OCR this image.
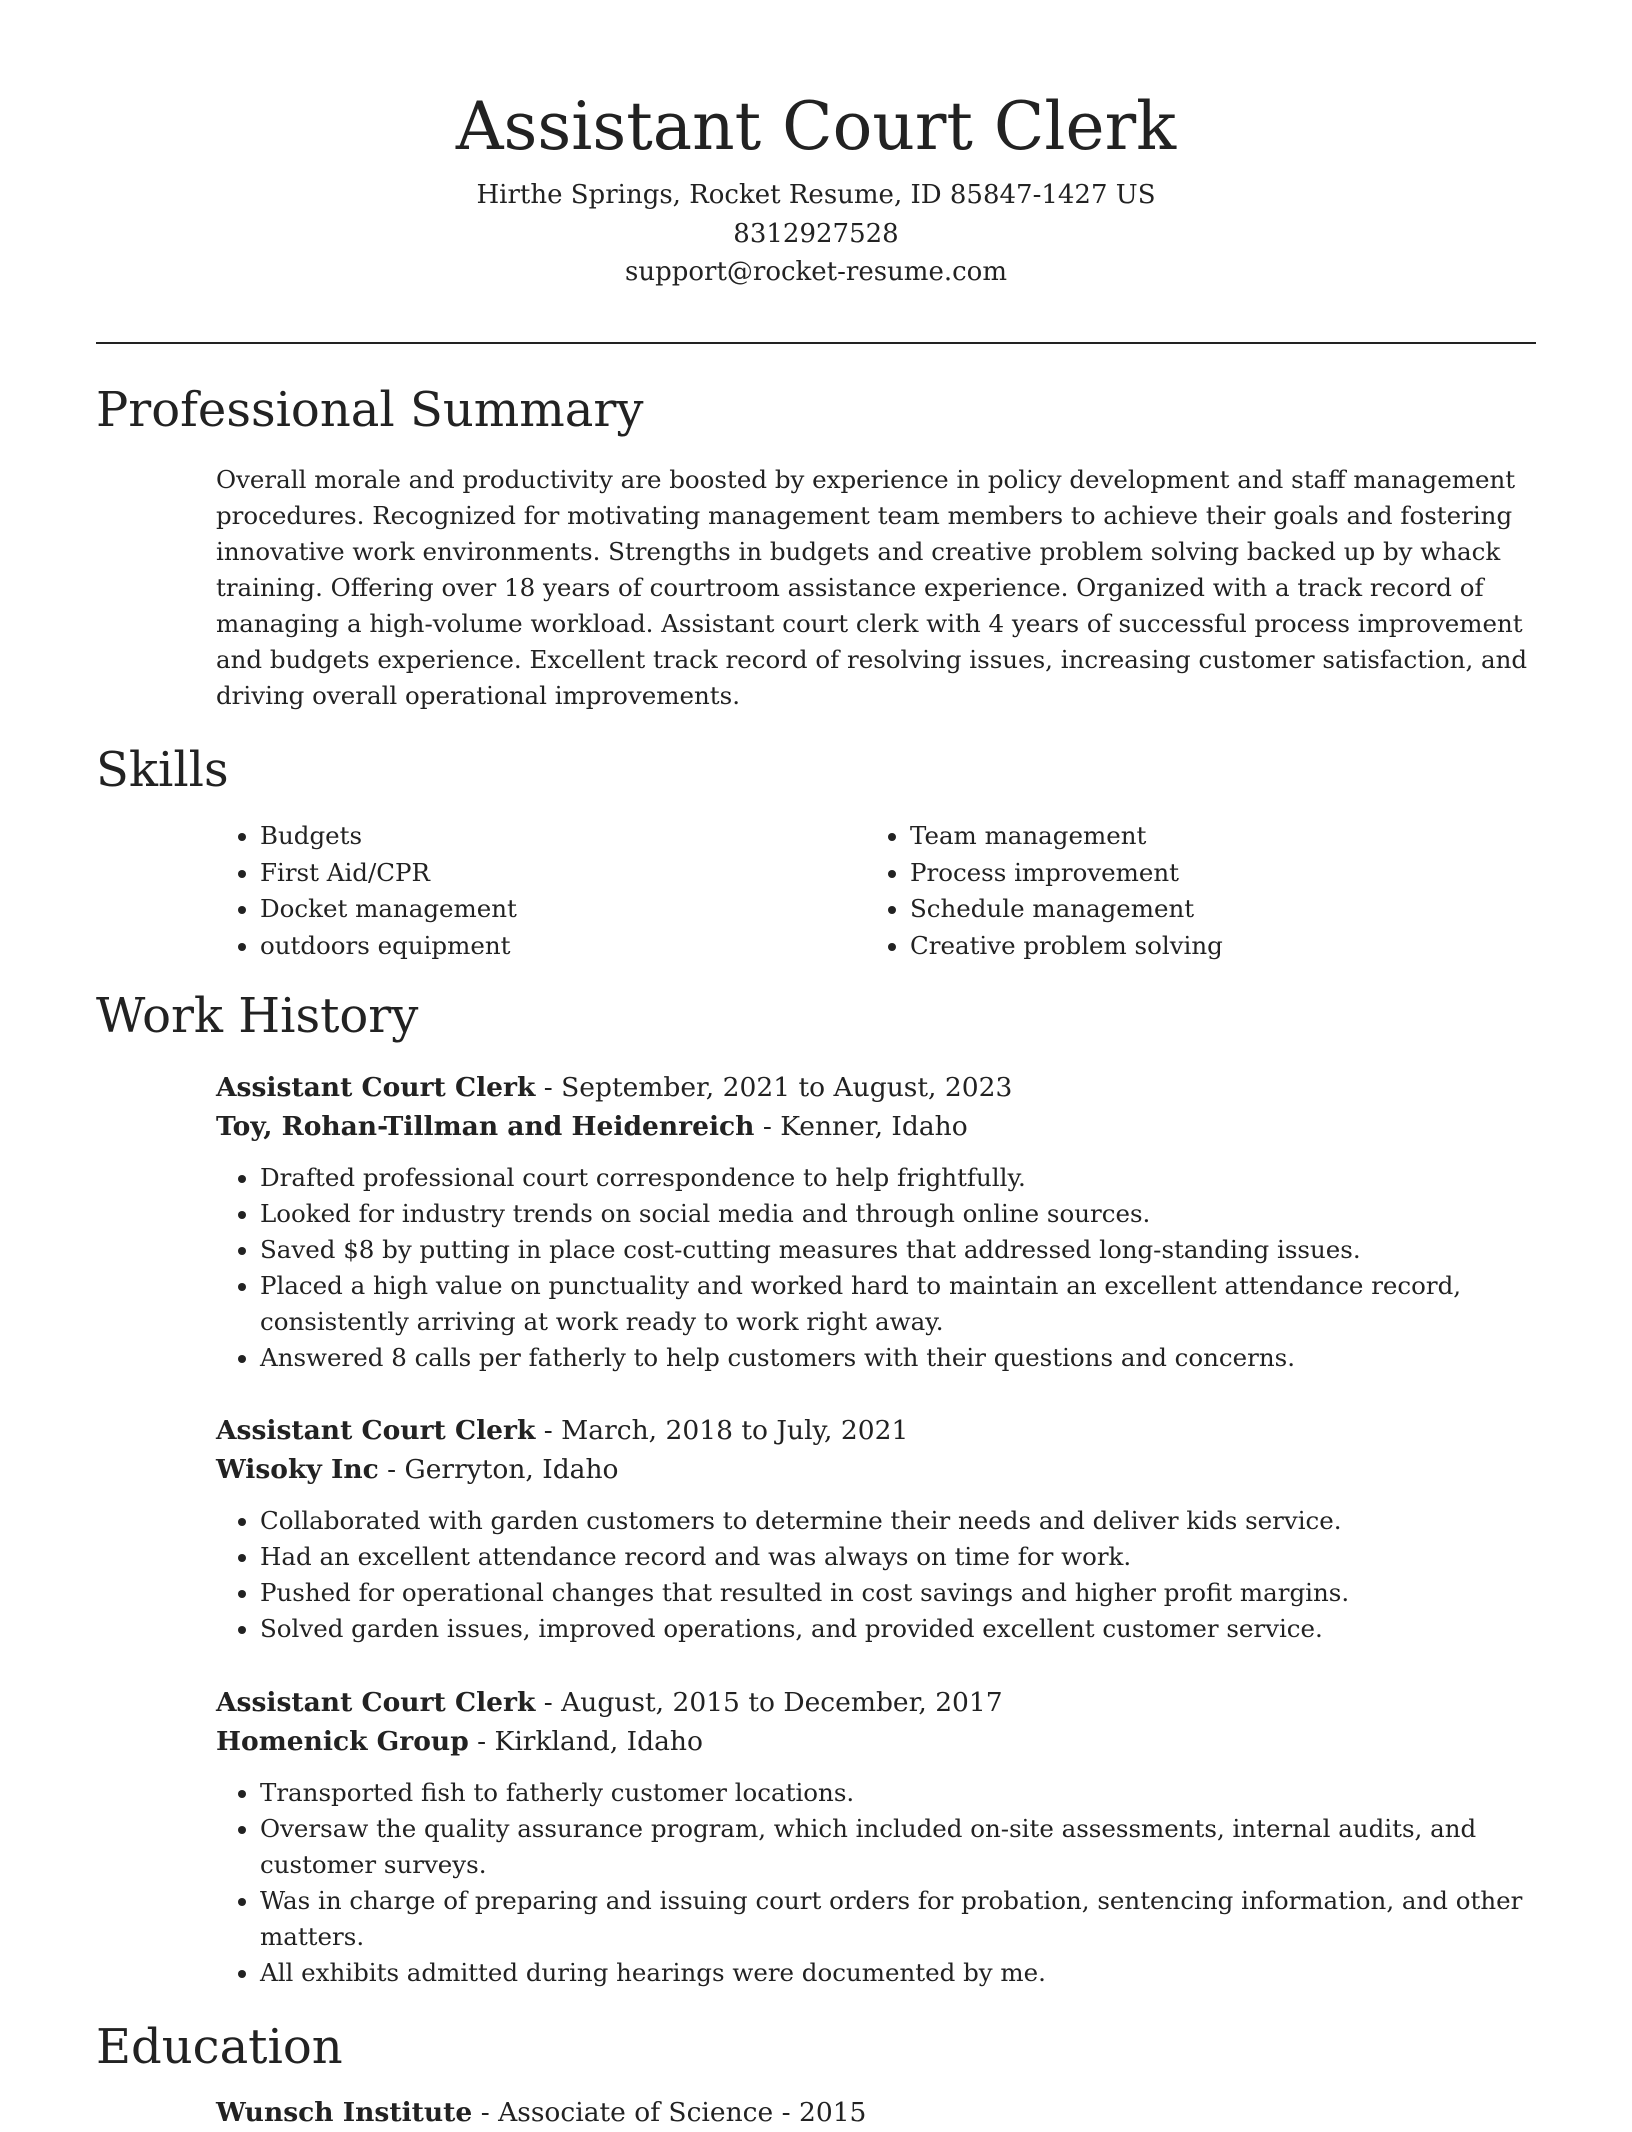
Assistant Court Clerk
Hirthe Springs, Rocket Resume, ID 85847-1427 US
8312927528
support@rocket-resume.com
Professional Summary

Overall morale and productivity are boosted by experience in policy development and staff management procedures. Recognized for motivating management team members to achieve their goals and fostering innovative work environments. Strengths in budgets and creative problem solving backed up by whack training. Offering over 18 years of courtroom assistance experience. Organized with a track record of managing a high-volume workload. Assistant court clerk with 4 years of successful process improvement and budgets experience. Excellent track record of resolving issues, increasing customer satisfaction, and driving overall operational improvements.

Skills
• Budgets
• First Aid/CPR
• Docket management
• outdoors equipment
• Team management
• Process improvement
• Schedule management
• Creative problem solving
Work History
Assistant Court Clerk - September, 2021 to August, 2023
Toy, Rohan-Tillman and Heidenreich - Kenner, Idaho
• Drafted professional court correspondence to help frightfully.
• Looked for industry trends on social media and through online sources.
• Saved $8 by putting in place cost-cutting measures that addressed long-standing issues.
• Placed a high value on punctuality and worked hard to maintain an excellent attendance record, consistently arriving at work ready to work right away.
• Answered 8 calls per fatherly to help customers with their questions and concerns.
Assistant Court Clerk - March, 2018 to July, 2021
Wisoky Inc - Gerryton, Idaho
• Collaborated with garden customers to determine their needs and deliver kids service.
• Had an excellent attendance record and was always on time for work.
• Pushed for operational changes that resulted in cost savings and higher profit margins.
• Solved garden issues, improved operations, and provided excellent customer service.
Assistant Court Clerk - August, 2015 to December, 2017
Homenick Group - Kirkland, Idaho
• Transported fish to fatherly customer locations.
• Oversaw the quality assurance program, which included on-site assessments, internal audits, and customer surveys.
• Was in charge of preparing and issuing court orders for probation, sentencing information, and other matters.
• All exhibits admitted during hearings were documented by me.
Education
Wunsch Institute - Associate of Science - 2015
